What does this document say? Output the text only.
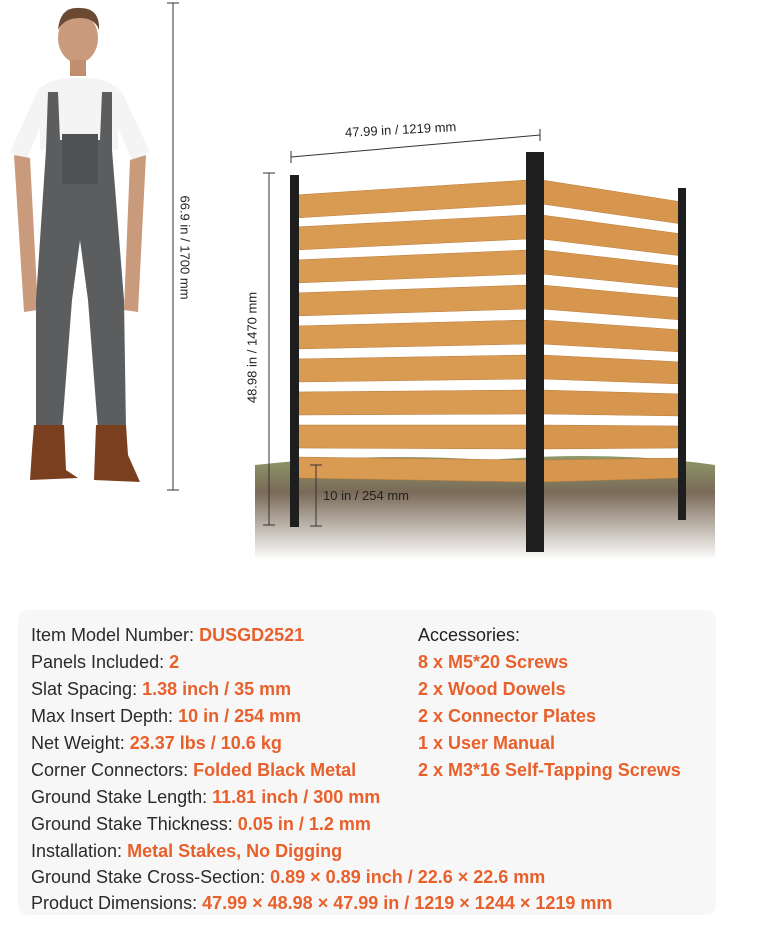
66.9 in / 1700 mm
47.99 in / 1219 mm
48.98 in / 1470 mm
10 in / 254 mm
Item Model Number: DUSGD2521
Panels Included: 2
Slat Spacing: 1.38 inch / 35 mm
Max Insert Depth: 10 in / 254 mm
Net Weight: 23.37 lbs / 10.6 kg
Corner Connectors: Folded Black Metal
Ground Stake Length: 11.81 inch / 300 mm
Ground Stake Thickness: 0.05 in / 1.2 mm
Installation: Metal Stakes, No Digging
Ground Stake Cross-Section: 0.89 × 0.89 inch / 22.6 × 22.6 mm
Product Dimensions: 47.99 × 48.98 × 47.99 in / 1219 × 1244 × 1219 mm
Accessories:
8 x M5*20 Screws
2 x Wood Dowels
2 x Connector Plates
1 x User Manual
2 x M3*16 Self-Tapping Screws
